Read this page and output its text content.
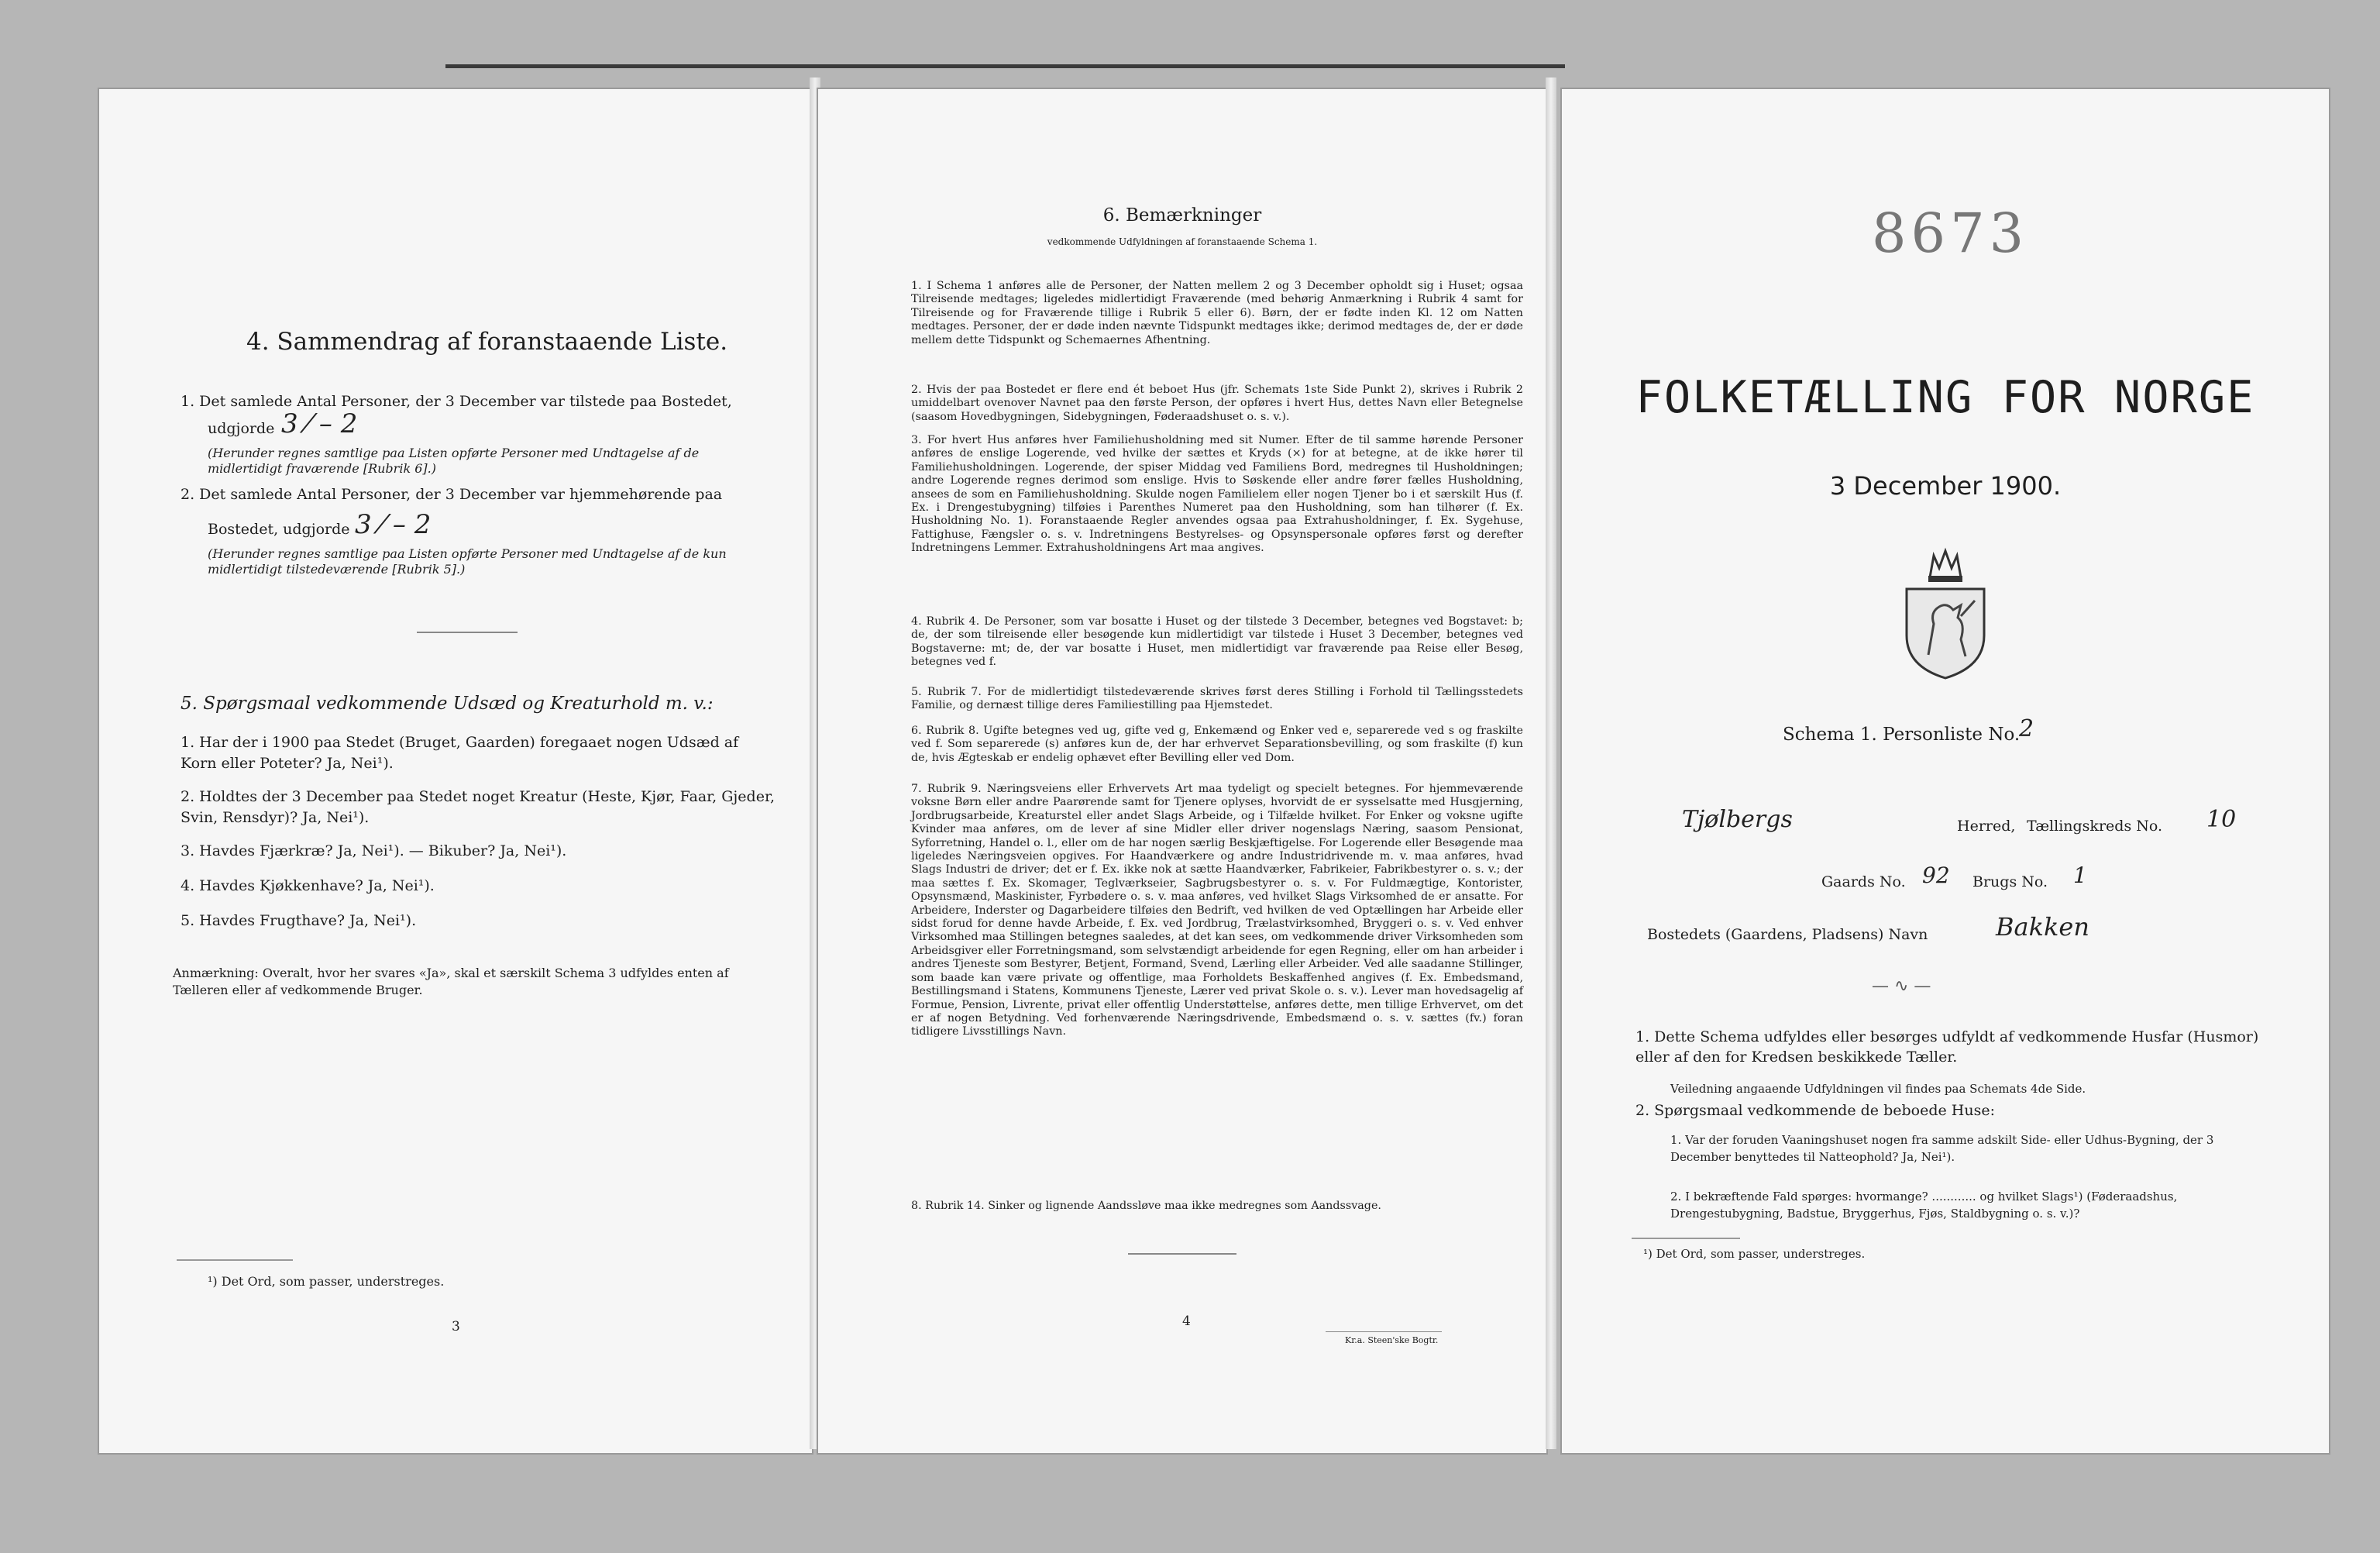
4. Sammendrag af foranstaaende Liste.
1. Det samlede Antal Personer, der 3 December var tilstede paa Bostedet,
udgjorde 3 ⁄ – 2
(Herunder regnes samtlige paa Listen opførte Personer med Undtagelse af de midlertidigt fraværende [Rubrik 6].)
2. Det samlede Antal Personer, der 3 December var hjemmehørende paa
Bostedet, udgjorde 3 ⁄ – 2
(Herunder regnes samtlige paa Listen opførte Personer med Undtagelse af de kun midlertidigt tilstedeværende [Rubrik 5].)
5. Spørgsmaal vedkommende Udsæd og Kreaturhold m. v.:
1. Har der i 1900 paa Stedet (Bruget, Gaarden) foregaaet nogen Udsæd af Korn eller Poteter? Ja, Nei¹).
2. Holdtes der 3 December paa Stedet noget Kreatur (Heste, Kjør, Faar, Gjeder, Svin, Rensdyr)? Ja, Nei¹).
3. Havdes Fjærkræ? Ja, Nei¹). — Bikuber? Ja, Nei¹).
4. Havdes Kjøkkenhave? Ja, Nei¹).
5. Havdes Frugthave? Ja, Nei¹).
Anmærkning: Overalt, hvor her svares «Ja», skal et særskilt Schema 3 udfyldes enten af Tælleren eller af vedkommende Bruger.
¹) Det Ord, som passer, understreges.
3
6. Bemærkninger
vedkommende Udfyldningen af foranstaaende Schema 1.
1. I Schema 1 anføres alle de Personer, der Natten mellem 2 og 3 December opholdt sig i Huset; ogsaa Tilreisende medtages; ligeledes midlertidigt Fraværende (med behørig Anmærkning i Rubrik 4 samt for Tilreisende og for Fraværende tillige i Rubrik 5 eller 6). Børn, der er fødte inden Kl. 12 om Natten medtages. Personer, der er døde inden nævnte Tidspunkt medtages ikke; derimod medtages de, der er døde mellem dette Tidspunkt og Schemaernes Afhentning.
2. Hvis der paa Bostedet er flere end ét beboet Hus (jfr. Schemats 1ste Side Punkt 2), skrives i Rubrik 2 umiddelbart ovenover Navnet paa den første Person, der opføres i hvert Hus, dettes Navn eller Betegnelse (saasom Hovedbygningen, Sidebygningen, Føderaadshuset o. s. v.).
3. For hvert Hus anføres hver Familiehusholdning med sit Numer. Efter de til samme hørende Personer anføres de enslige Logerende, ved hvilke der sættes et Kryds (×) for at betegne, at de ikke hører til Familiehusholdningen. Logerende, der spiser Middag ved Familiens Bord, medregnes til Husholdningen; andre Logerende regnes derimod som enslige. Hvis to Søskende eller andre fører fælles Husholdning, ansees de som en Familiehusholdning. Skulde nogen Familielem eller nogen Tjener bo i et særskilt Hus (f. Ex. i Drengestubygning) tilføies i Parenthes Numeret paa den Husholdning, som han tilhører (f. Ex. Husholdning No. 1). Foranstaaende Regler anvendes ogsaa paa Extrahusholdninger, f. Ex. Sygehuse, Fattighuse, Fængsler o. s. v. Indretningens Bestyrelses- og Opsynspersonale opføres først og derefter Indretningens Lemmer. Extrahusholdningens Art maa angives.
4. Rubrik 4. De Personer, som var bosatte i Huset og der tilstede 3 December, betegnes ved Bogstavet: b; de, der som tilreisende eller besøgende kun midlertidigt var tilstede i Huset 3 December, betegnes ved Bogstaverne: mt; de, der var bosatte i Huset, men midlertidigt var fraværende paa Reise eller Besøg, betegnes ved f.
5. Rubrik 7. For de midlertidigt tilstedeværende skrives først deres Stilling i Forhold til Tællingsstedets Familie, og dernæst tillige deres Familiestilling paa Hjemstedet.
6. Rubrik 8. Ugifte betegnes ved ug, gifte ved g, Enkemænd og Enker ved e, separerede ved s og fraskilte ved f. Som separerede (s) anføres kun de, der har erhvervet Separationsbevilling, og som fraskilte (f) kun de, hvis Ægteskab er endelig ophævet efter Bevilling eller ved Dom.
7. Rubrik 9. Næringsveiens eller Erhvervets Art maa tydeligt og specielt betegnes. For hjemmeværende voksne Børn eller andre Paarørende samt for Tjenere oplyses, hvorvidt de er sysselsatte med Husgjerning, Jordbrugsarbeide, Kreaturstel eller andet Slags Arbeide, og i Tilfælde hvilket. For Enker og voksne ugifte Kvinder maa anføres, om de lever af sine Midler eller driver nogenslags Næring, saasom Pensionat, Syforretning, Handel o. l., eller om de har nogen særlig Beskjæftigelse. For Logerende eller Besøgende maa ligeledes Næringsveien opgives. For Haandværkere og andre Industridrivende m. v. maa anføres, hvad Slags Industri de driver; det er f. Ex. ikke nok at sætte Haandværker, Fabrikeier, Fabrikbestyrer o. s. v.; der maa sættes f. Ex. Skomager, Teglværkseier, Sagbrugsbestyrer o. s. v. For Fuldmægtige, Kontorister, Opsynsmænd, Maskinister, Fyrbødere o. s. v. maa anføres, ved hvilket Slags Virksomhed de er ansatte. For Arbeidere, Inderster og Dagarbeidere tilføies den Bedrift, ved hvilken de ved Optællingen har Arbeide eller sidst forud for denne havde Arbeide, f. Ex. ved Jordbrug, Trælastvirksomhed, Bryggeri o. s. v. Ved enhver Virksomhed maa Stillingen betegnes saaledes, at det kan sees, om vedkommende driver Virksomheden som Arbeidsgiver eller Forretningsmand, som selvstændigt arbeidende for egen Regning, eller om han arbeider i andres Tjeneste som Bestyrer, Betjent, Formand, Svend, Lærling eller Arbeider. Ved alle saadanne Stillinger, som baade kan være private og offentlige, maa Forholdets Beskaffenhed angives (f. Ex. Embedsmand, Bestillingsmand i Statens, Kommunens Tjeneste, Lærer ved privat Skole o. s. v.). Lever man hovedsagelig af Formue, Pension, Livrente, privat eller offentlig Understøttelse, anføres dette, men tillige Erhvervet, om det er af nogen Betydning. Ved forhenværende Næringsdrivende, Embedsmænd o. s. v. sættes (fv.) foran tidligere Livsstillings Navn.
8. Rubrik 14. Sinker og lignende Aandssløve maa ikke medregnes som Aandssvage.
4
Kr.a. Steen'ske Bogtr.
8673
FOLKETÆLLING FOR NORGE
3 December 1900.
Schema 1. Personliste No.
2
Tjølbergs	Herred, Tællingskreds No. 10
Gaards No. 92 Brugs No. 1
Bostedets (Gaardens, Pladsens) Navn	Bakken
— ∿ —
1. Dette Schema udfyldes eller besørges udfyldt af vedkommende Husfar (Husmor) eller af den for Kredsen beskikkede Tæller.
Veiledning angaaende Udfyldningen vil findes paa Schemats 4de Side.
2. Spørgsmaal vedkommende de beboede Huse:
1. Var der foruden Vaaningshuset nogen fra samme adskilt Side- eller Udhus-Bygning, der 3 December benyttedes til Natteophold? Ja, Nei¹).
2. I bekræftende Fald spørges: hvormange? ............ og hvilket Slags¹) (Føderaadshus, Drengestubygning, Badstue, Bryggerhus, Fjøs, Staldbygning o. s. v.)?
¹) Det Ord, som passer, understreges.
